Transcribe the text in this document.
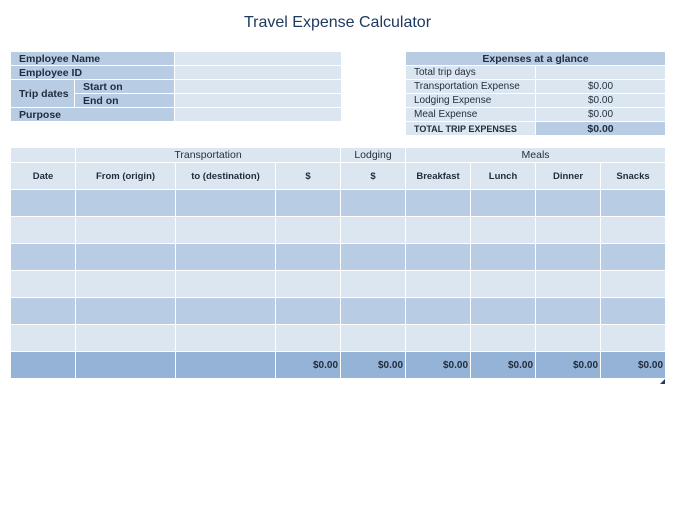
Travel Expense Calculator
Employee Name		
Employee ID		
Trip dates	Start on	
	End on	
Purpose		
Expenses at a glance	
Total trip days	
Transportation Expense	$0.00
Lodging Expense	$0.00
Meal Expense	$0.00
TOTAL TRIP EXPENSES	$0.00
	Transportation			Lodging	Meals			
Date	From (origin)	to (destination)	$	$	Breakfast	Lunch	Dinner	Snacks

			$0.00	$0.00	$0.00	$0.00	$0.00	$0.00
